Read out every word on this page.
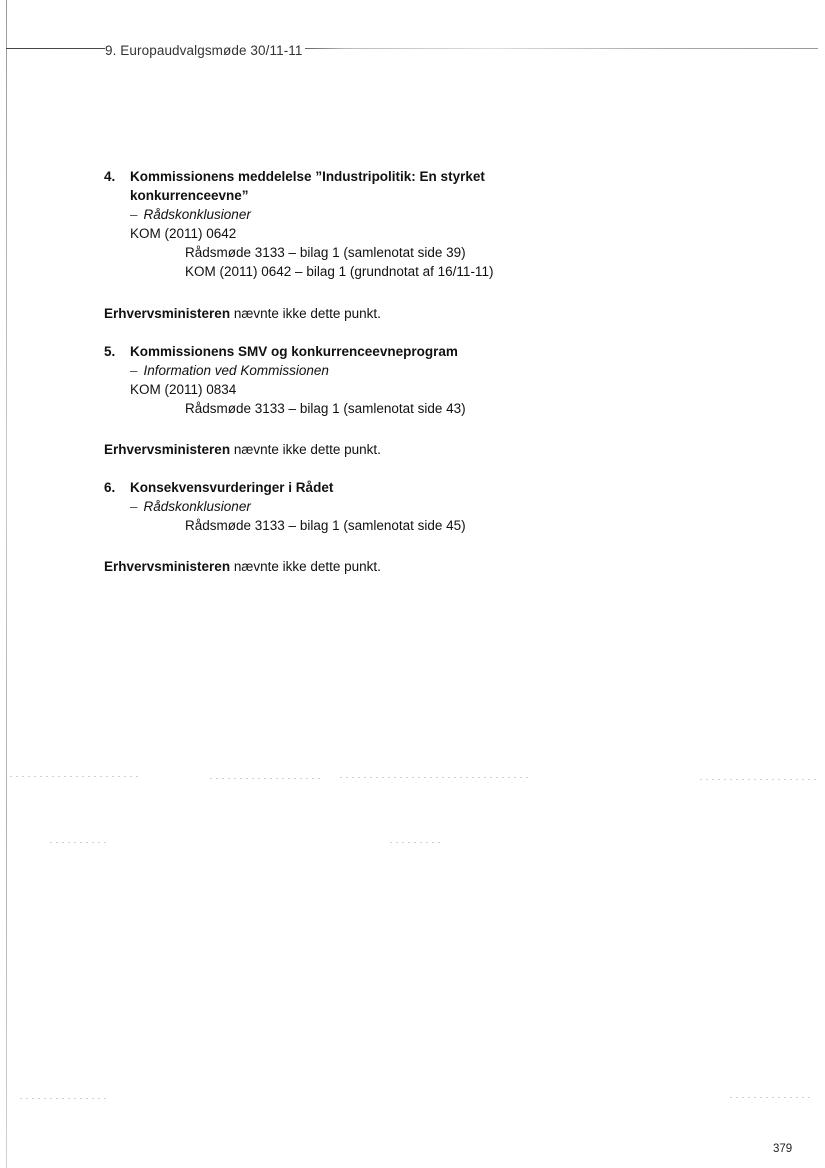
9. Europaudvalgsmøde 30/11-11
4.	Kommissionens meddelelse ”Industripolitik: En styrket konkurrenceevne”
– Rådskonklusioner
KOM (2011) 0642
Rådsmøde 3133 – bilag 1 (samlenotat side 39)
KOM (2011) 0642 – bilag 1 (grundnotat af 16/11-11)
Erhvervsministeren nævnte ikke dette punkt.
5.	Kommissionens SMV og konkurrenceevneprogram
– Information ved Kommissionen
KOM (2011) 0834
Rådsmøde 3133 – bilag 1 (samlenotat side 43)
Erhvervsministeren nævnte ikke dette punkt.
6.	Konsekvensvurderinger i Rådet
– Rådskonklusioner
Rådsmøde 3133 – bilag 1 (samlenotat side 45)
Erhvervsministeren nævnte ikke dette punkt.
379
